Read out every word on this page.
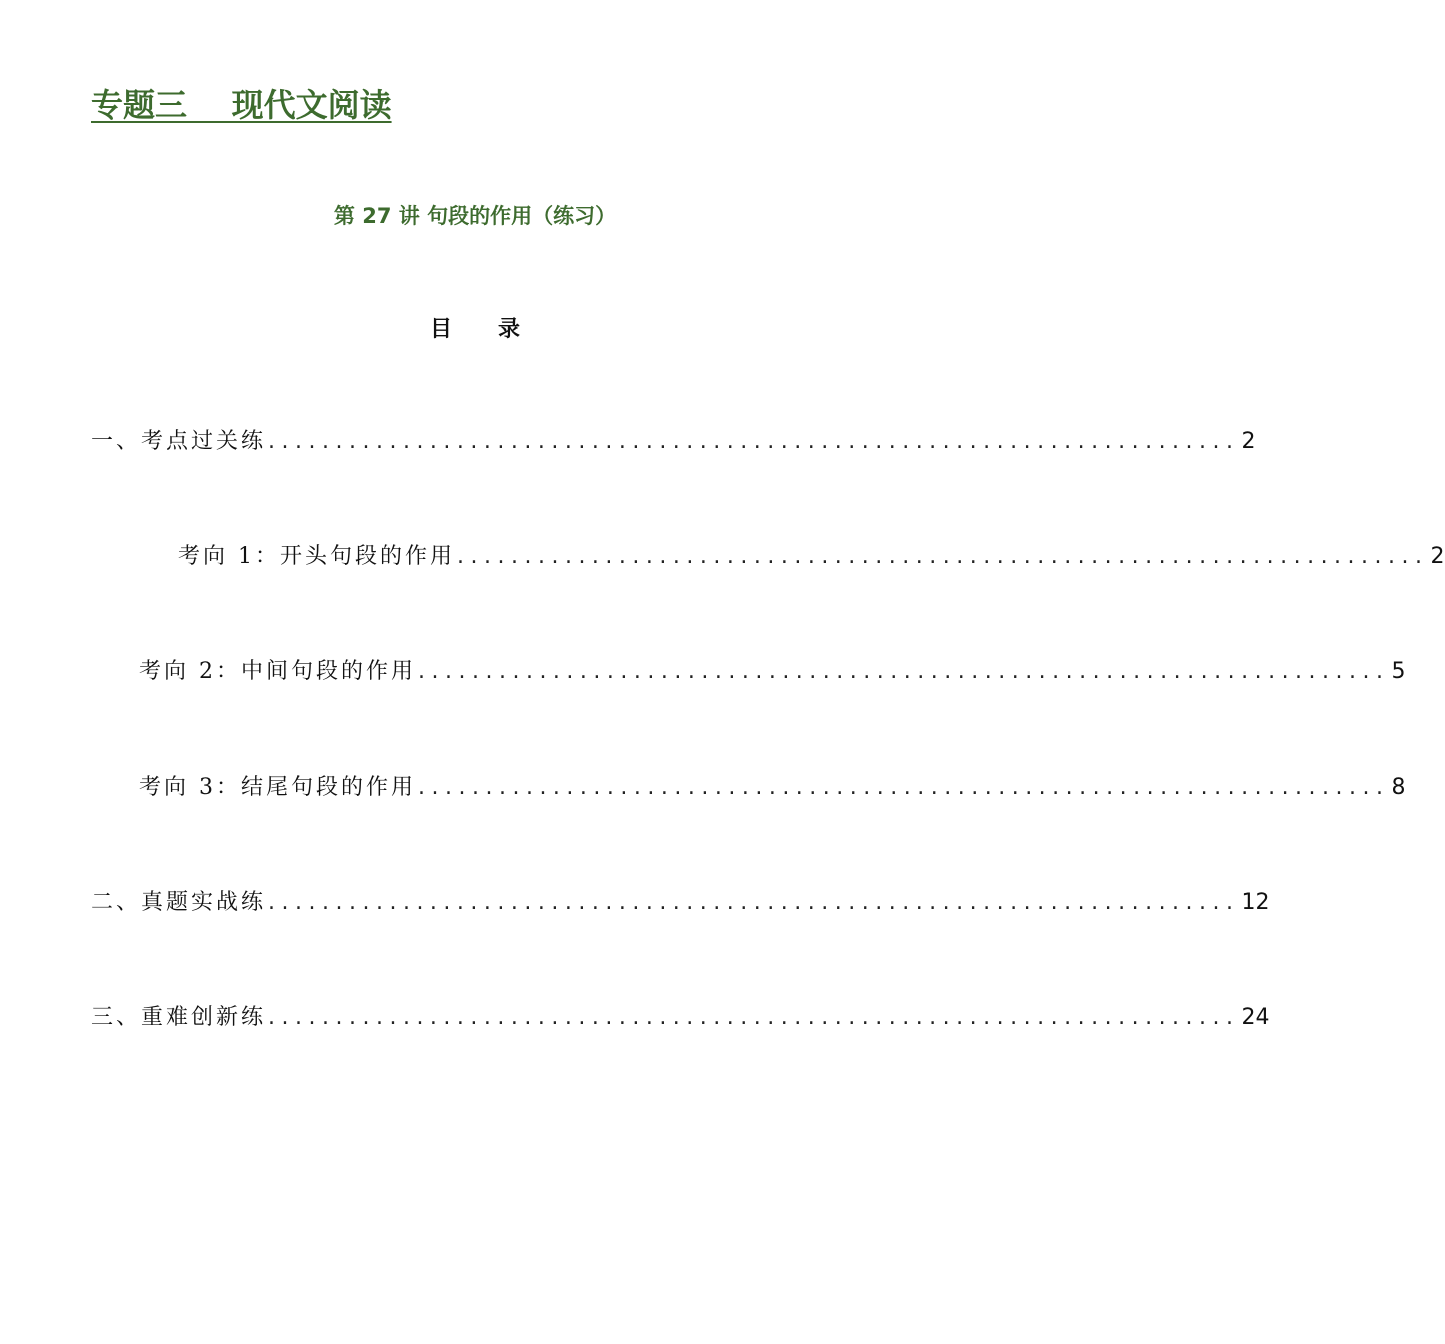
专题三    现代文阅读
第 27 讲 句段的作用（练习）
目      录
一、考点过关练 ........................................................................ 2
考向 1：开头句段的作用 ........................................................................ 2
考向 2：中间句段的作用 ........................................................................ 5
考向 3：结尾句段的作用 ........................................................................ 8
二、真题实战练 ........................................................................ 12
三、重难创新练 ........................................................................ 24
